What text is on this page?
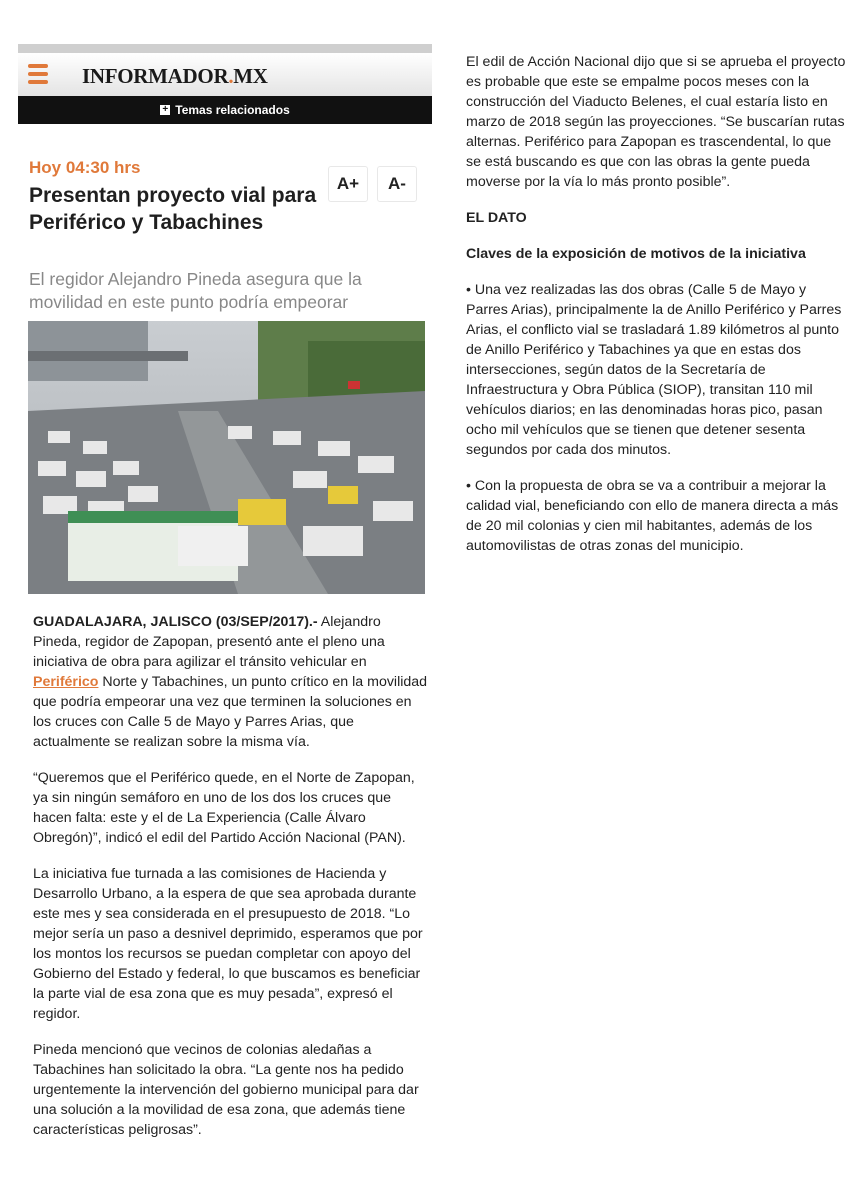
INFORMADOR.MX
+ Temas relacionados
Hoy 04:30 hrs
Presentan proyecto vial para Periférico y Tabachines
A+	A-
El regidor Alejandro Pineda asegura que la movilidad en este punto podría empeorar

GUADALAJARA, JALISCO (03/SEP/2017).- Alejandro Pineda, regidor de Zapopan, presentó ante el pleno una iniciativa de obra para agilizar el tránsito vehicular en Periférico Norte y Tabachines, un punto crítico en la movilidad que podría empeorar una vez que terminen la soluciones en los cruces con Calle 5 de Mayo y Parres Arias, que actualmente se realizan sobre la misma vía.

“Queremos que el Periférico quede, en el Norte de Zapopan, ya sin ningún semáforo en uno de los dos los cruces que hacen falta: este y el de La Experiencia (Calle Álvaro Obregón)”, indicó el edil del Partido Acción Nacional (PAN).

La iniciativa fue turnada a las comisiones de Hacienda y Desarrollo Urbano, a la espera de que sea aprobada durante este mes y sea considerada en el presupuesto de 2018. “Lo mejor sería un paso a desnivel deprimido, esperamos que por los montos los recursos se puedan completar con apoyo del Gobierno del Estado y federal, lo que buscamos es beneficiar la parte vial de esa zona que es muy pesada”, expresó el regidor.

Pineda mencionó que vecinos de colonias aledañas a Tabachines han solicitado la obra. “La gente nos ha pedido urgentemente la intervención del gobierno municipal para dar una solución a la movilidad de esa zona, que además tiene características peligrosas”.

El edil de Acción Nacional dijo que si se aprueba el proyecto es probable que este se empalme pocos meses con la construcción del Viaducto Belenes, el cual estaría listo en marzo de 2018 según las proyecciones. “Se buscarían rutas alternas. Periférico para Zapopan es trascendental, lo que se está buscando es que con las obras la gente pueda moverse por la vía lo más pronto posible”.

EL DATO

Claves de la exposición de motivos de la iniciativa

• Una vez realizadas las dos obras (Calle 5 de Mayo y Parres Arias), principalmente la de Anillo Periférico y Parres Arias, el conflicto vial se trasladará 1.89 kilómetros al punto de Anillo Periférico y Tabachines ya que en estas dos intersecciones, según datos de la Secretaría de Infraestructura y Obra Pública (SIOP), transitan 110 mil vehículos diarios; en las denominadas horas pico, pasan ocho mil vehículos que se tienen que detener sesenta segundos por cada dos minutos.

• Con la propuesta de obra se va a contribuir a mejorar la calidad vial, beneficiando con ello de manera directa a más de 20 mil colonias y cien mil habitantes, además de los automovilistas de otras zonas del municipio.
